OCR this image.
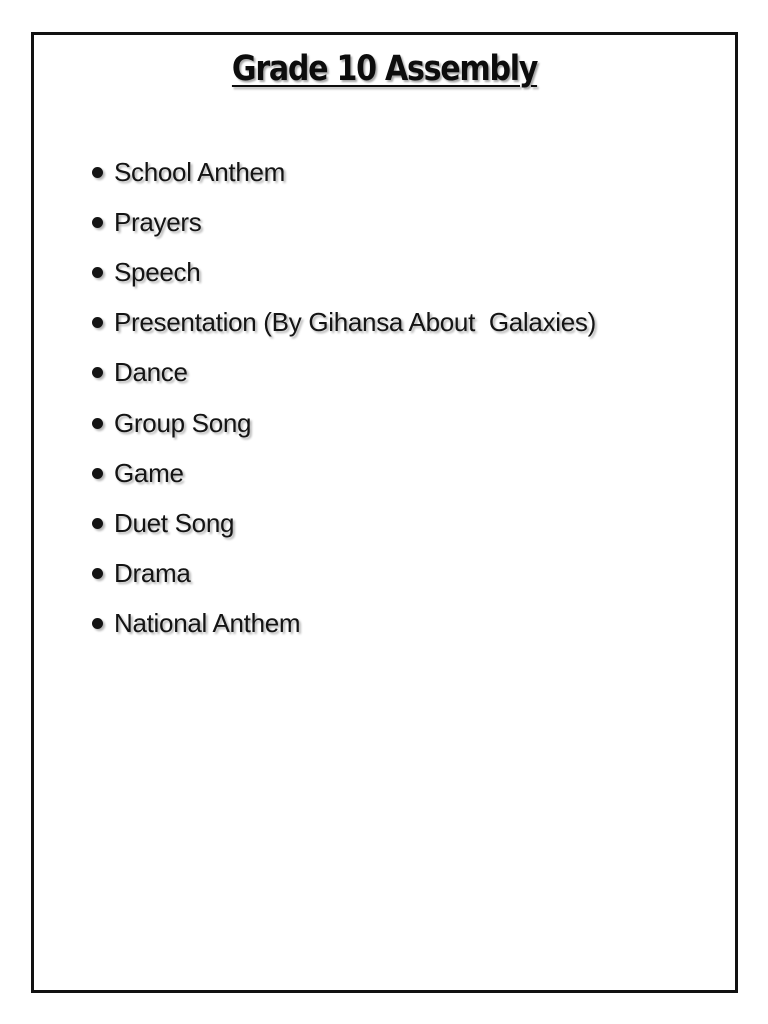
Grade 10 Assembly
School Anthem
Prayers
Speech
Presentation (By Gihansa About  Galaxies)
Dance
Group Song
Game
Duet Song
Drama
National Anthem
